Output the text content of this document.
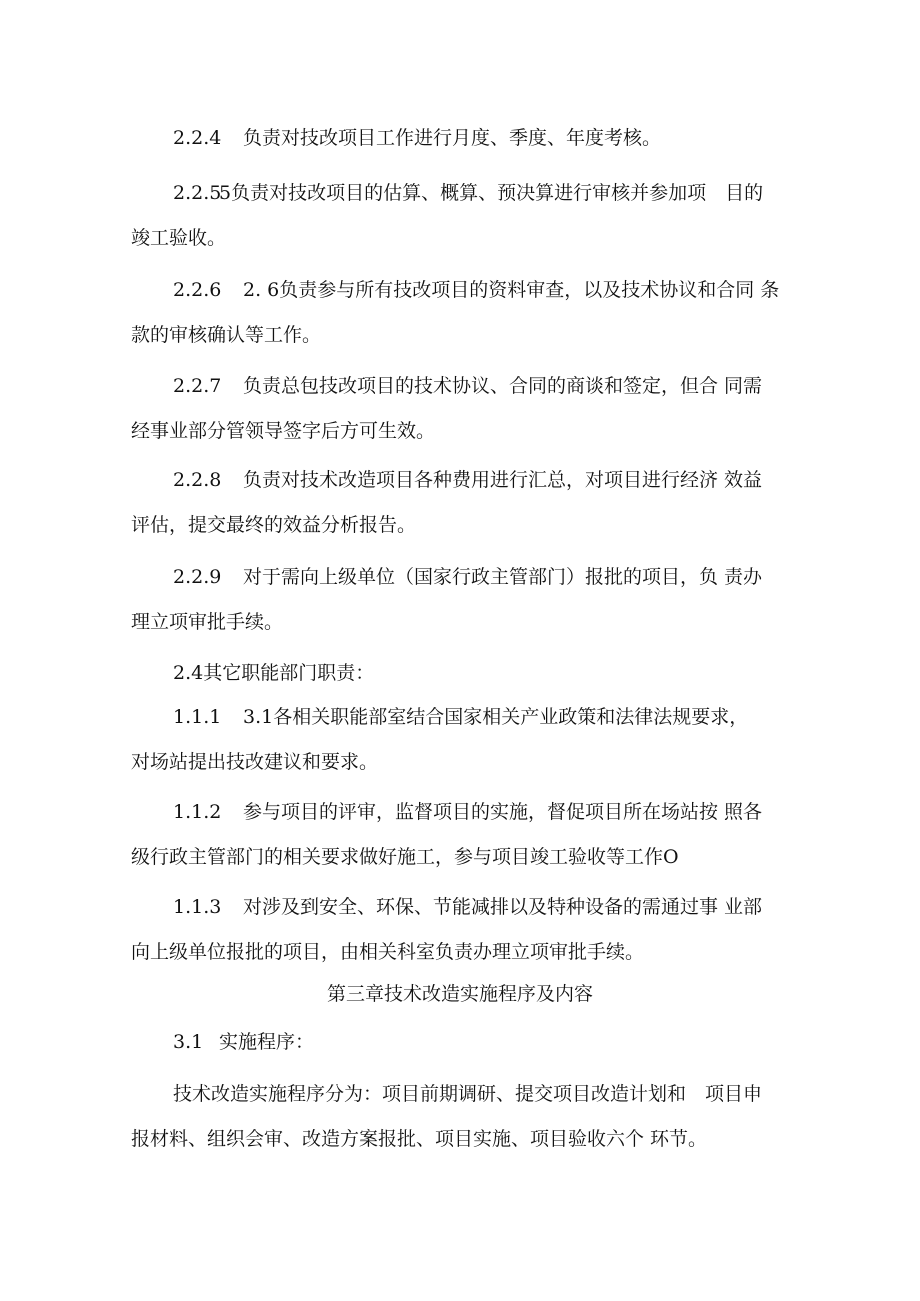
2.2.4 负责对技改项目工作进行月度、季度、年度考核。

2.2.55负责对技改项目的估算、概算、预决算进行审核并参加项　目的
竣工验收。

2.2.6 2. 6负责参与所有技改项目的资料审查，以及技术协议和合同 条
款的审核确认等工作。

2.2.7 负责总包技改项目的技术协议、合同的商谈和签定，但合 同需
经事业部分管领导签字后方可生效。

2.2.8 负责对技术改造项目各种费用进行汇总，对项目进行经济 效益
评估，提交最终的效益分析报告。

2.2.9 对于需向上级单位（国家行政主管部门）报批的项目，负 责办
理立项审批手续。

2.4其它职能部门职责：

1.1.1 3.1各相关职能部室结合国家相关产业政策和法律法规要求，
对场站提出技改建议和要求。

1.1.2 参与项目的评审，监督项目的实施，督促项目所在场站按 照各
级行政主管部门的相关要求做好施工，参与项目竣工验收等工作O

1.1.3 对涉及到安全、环保、节能减排以及特种设备的需通过事 业部
向上级单位报批的项目，由相关科室负责办理立项审批手续。

第三章技术改造实施程序及内容

3.1 实施程序：

技术改造实施程序分为：项目前期调研、提交项目改造计划和　项目申
报材料、组织会审、改造方案报批、项目实施、项目验收六个 环节。
